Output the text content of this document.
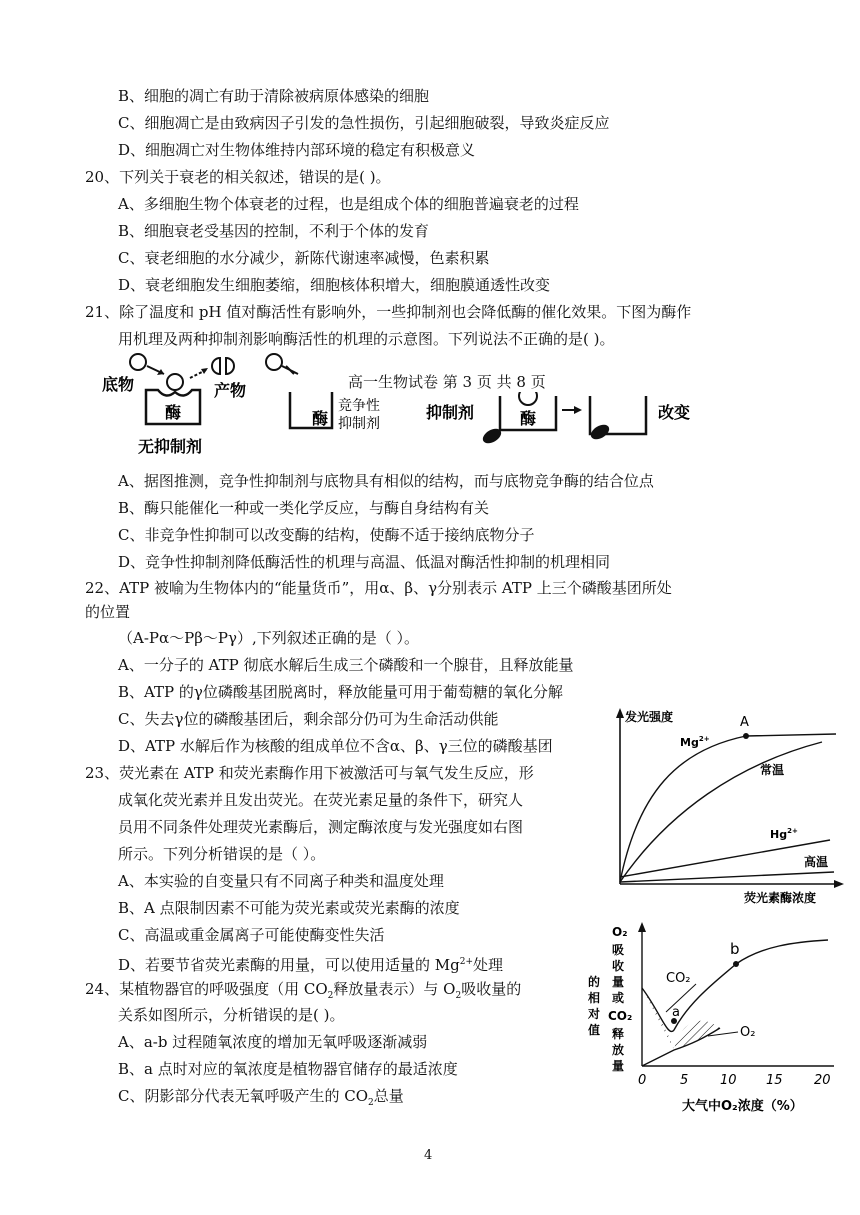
B、细胞的凋亡有助于清除被病原体感染的细胞
C、细胞凋亡是由致病因子引发的急性损伤，引起细胞破裂，导致炎症反应
D、细胞凋亡对生物体维持内部环境的稳定有积极意义
20、下列关于衰老的相关叙述，错误的是( )。
A、多细胞生物个体衰老的过程，也是组成个体的细胞普遍衰老的过程
B、细胞衰老受基因的控制，不利于个体的发育
C、衰老细胞的水分减少，新陈代谢速率减慢，色素积累
D、衰老细胞发生细胞萎缩，细胞核体积增大，细胞膜通透性改变
21、除了温度和 pH 值对酶活性有影响外，一些抑制剂也会降低酶的催化效果。下图为酶作
用机理及两种抑制剂影响酶活性的机理的示意图。下列说法不正确的是( )。
底物
酶
无抑制剂
产物
酶
竞争性
抑制剂
抑制剂	酶	改变
高一生物试卷 第 3 页 共 8 页
A、据图推测，竞争性抑制剂与底物具有相似的结构，而与底物竞争酶的结合位点
B、酶只能催化一种或一类化学反应，与酶自身结构有关
C、非竞争性抑制可以改变酶的结构，使酶不适于接纳底物分子
D、竞争性抑制剂降低酶活性的机理与高温、低温对酶活性抑制的机理相同
22、ATP 被喻为生物体内的“能量货币”，用α、β、γ分别表示 ATP 上三个磷酸基团所处
的位置
（A-Pα～Pβ～Pγ）,下列叙述正确的是（ ）。
A、一分子的 ATP 彻底水解后生成三个磷酸和一个腺苷，且释放能量
B、ATP 的γ位磷酸基团脱离时，释放能量可用于葡萄糖的氧化分解
C、失去γ位的磷酸基团后，剩余部分仍可为生命活动供能
D、ATP 水解后作为核酸的组成单位不含α、β、γ三位的磷酸基团
23、荧光素在 ATP 和荧光素酶作用下被激活可与氧气发生反应，形
成氧化荧光素并且发出荧光。在荧光素足量的条件下，研究人
员用不同条件处理荧光素酶后，测定酶浓度与发光强度如右图
所示。下列分析错误的是（ ）。
A、本实验的自变量只有不同离子种类和温度处理
B、A 点限制因素不可能为荧光素或荧光素酶的浓度
C、高温或重金属离子可能使酶变性失活
D、若要节省荧光素酶的用量，可以使用适量的 $Mg^{2+}$处理
发光强度
荧光素酶浓度
A
$Mg^{2+}$
常温
$Hg^{2+}$
高温
24、某植物器官的呼吸强度（用 $CO_2$释放量表示）与 $O_2$吸收量的
关系如图所示，分析错误的是( )。
A、a-b 过程随氧浓度的增加无氧呼吸逐渐减弱
B、a 点时对应的氧浓度是植物器官储存的最适浓度
C、阴影部分代表无氧呼吸产生的 $CO_2$总量
O₂
吸
收
量
或
CO₂
释
放
量
的
相
对
值
a
b
CO₂
O₂
0	5 10 15 20
大气中O₂浓度（%）
4
